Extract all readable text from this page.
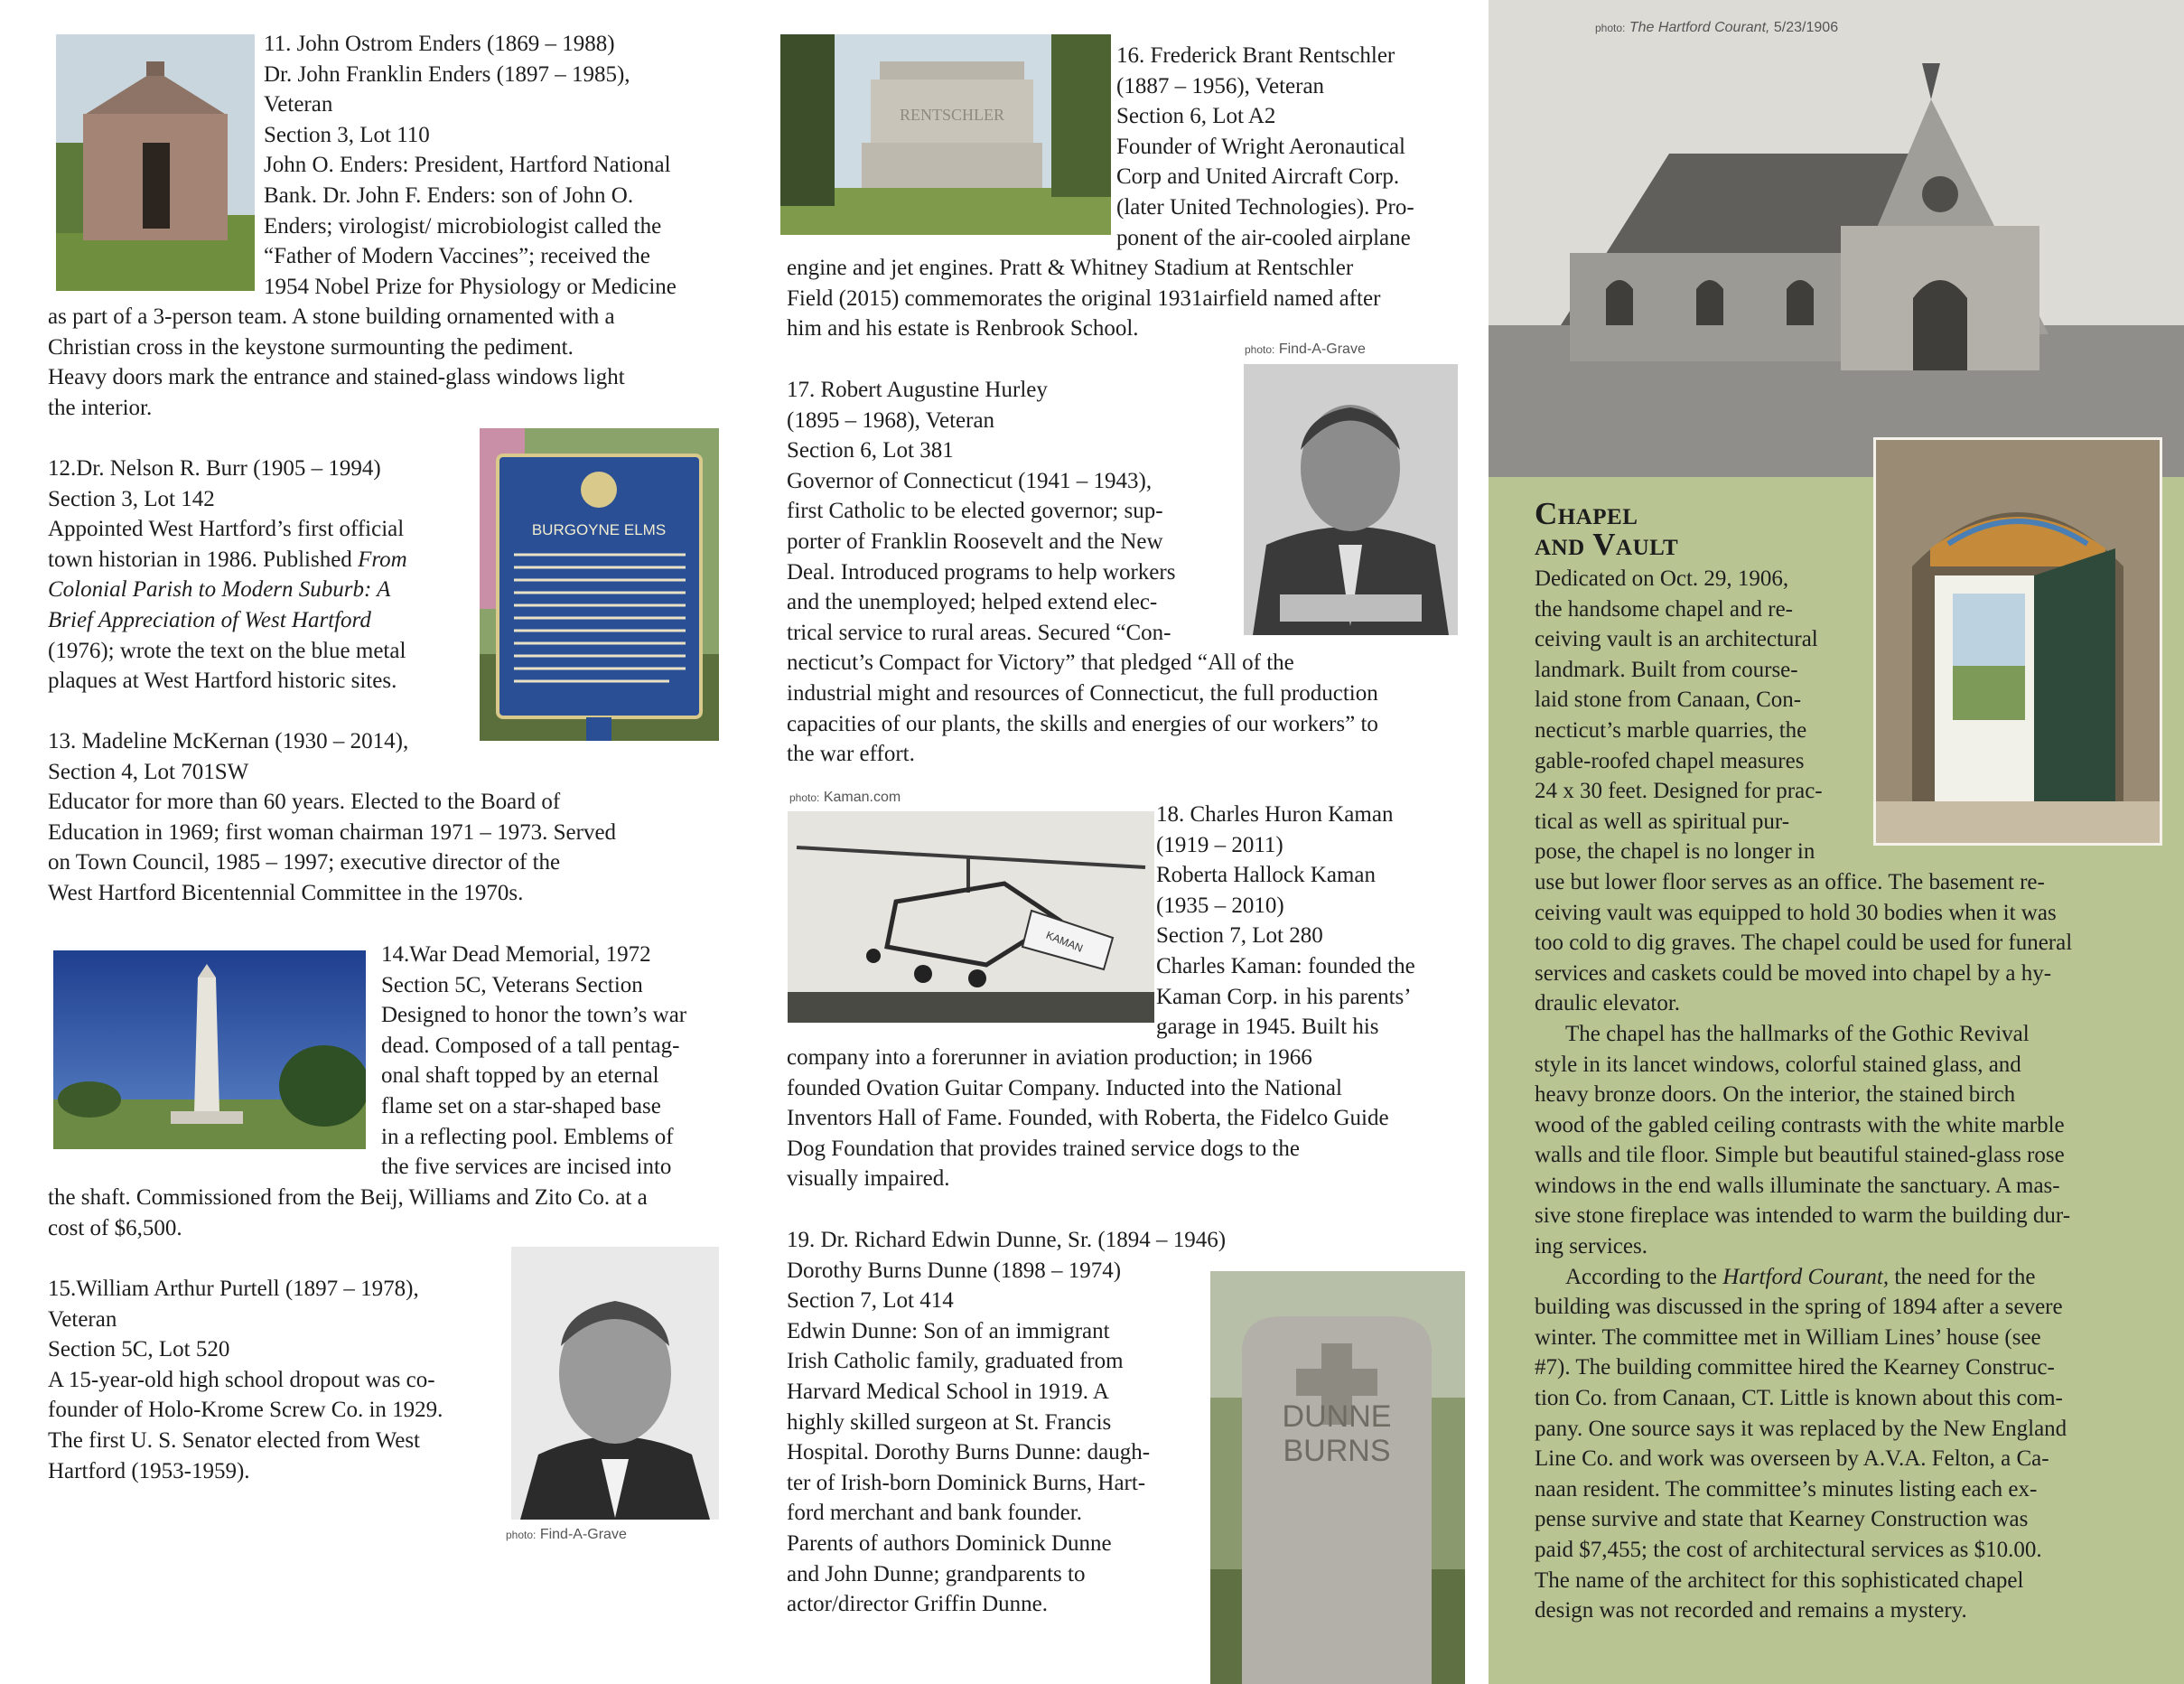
11. John Ostrom Enders (1869 – 1988)

Dr. John Franklin Enders (1897 – 1985),

Veteran

Section 3, Lot 110

John O. Enders: President, Hartford National

Bank. Dr. John F. Enders: son of John O.

Enders; virologist/ microbiologist called the

“Father of Modern Vaccines”; received the

1954 Nobel Prize for Physiology or Medicine

as part of a 3-person team. A stone building ornamented with a

Christian cross in the keystone surmounting the pediment.

Heavy doors mark the entrance and stained-glass windows light

the interior.

BURGOYNE ELMS

12.Dr. Nelson R. Burr (1905 – 1994)

Section 3, Lot 142

Appointed West Hartford’s first official

town historian in 1986. Published From

Colonial Parish to Modern Suburb: A

Brief Appreciation of West Hartford

(1976); wrote the text on the blue metal

plaques at West Hartford historic sites.

13. Madeline McKernan (1930 – 2014),

Section 4, Lot 701SW

Educator for more than 60 years. Elected to the Board of

Education in 1969; first woman chairman 1971 – 1973. Served

on Town Council, 1985 – 1997; executive director of the

West Hartford Bicentennial Committee in the 1970s.

14.War Dead Memorial, 1972

Section 5C, Veterans Section

Designed to honor the town’s war

dead. Composed of a tall pentag-

onal shaft topped by an eternal

flame set on a star-shaped base

in a reflecting pool. Emblems of

the five services are incised into

the shaft. Commissioned from the Beij, Williams and Zito Co. at a

cost of $6,500.

15.William Arthur Purtell (1897 – 1978),

Veteran

Section 5C, Lot 520

A 15-year-old high school dropout was co-

founder of Holo-Krome Screw Co. in 1929.

The first U. S. Senator elected from West

Hartford (1953-1959).

photo: Find-A-Grave
RENTSCHLER

16. Frederick Brant Rentschler

(1887 – 1956), Veteran

Section 6, Lot A2

Founder of Wright Aeronautical

Corp and United Aircraft Corp.

(later United Technologies). Pro-

ponent of the air-cooled airplane

engine and jet engines. Pratt & Whitney Stadium at Rentschler

Field (2015) commemorates the original 1931airfield named after

him and his estate is Renbrook School.

photo: Find-A-Grave

17. Robert Augustine Hurley

(1895 – 1968), Veteran

Section 6, Lot 381

Governor of Connecticut (1941 – 1943),

first Catholic to be elected governor; sup-

porter of Franklin Roosevelt and the New

Deal. Introduced programs to help workers

and the unemployed; helped extend elec-

trical service to rural areas. Secured “Con-

necticut’s Compact for Victory” that pledged “All of the

industrial might and resources of Connecticut, the full production

capacities of our plants, the skills and energies of our workers” to

the war effort.

photo: Kaman.com
KAMAN

18. Charles Huron Kaman

(1919 – 2011)

Roberta Hallock Kaman

(1935 – 2010)

Section 7, Lot 280

Charles Kaman: founded the

Kaman Corp. in his parents’

garage in 1945. Built his

company into a forerunner in aviation production; in 1966

founded Ovation Guitar Company. Inducted into the National

Inventors Hall of Fame. Founded, with Roberta, the Fidelco Guide

Dog Foundation that provides trained service dogs to the

visually impaired.

19. Dr. Richard Edwin Dunne, Sr. (1894 – 1946)

Dorothy Burns Dunne (1898 – 1974)

Section 7, Lot 414

Edwin Dunne: Son of an immigrant

Irish Catholic family, graduated from

Harvard Medical School in 1919. A

highly skilled surgeon at St. Francis

Hospital. Dorothy Burns Dunne: daugh-

ter of Irish-born Dominick Burns, Hart-

ford merchant and bank founder.

Parents of authors Dominick Dunne

and John Dunne; grandparents to

actor/director Griffin Dunne.

DUNNE
BURNS
photo: The Hartford Courant, 5/23/1906
Chapel
and Vault

Dedicated on Oct. 29, 1906,

the handsome chapel and re-

ceiving vault is an architectural

landmark. Built from course-

laid stone from Canaan, Con-

necticut’s marble quarries, the

gable-roofed chapel measures

24 x 30 feet. Designed for prac-

tical as well as spiritual pur-

pose, the chapel is no longer in

use but lower floor serves as an office. The basement re-

ceiving vault was equipped to hold 30 bodies when it was

too cold to dig graves. The chapel could be used for funeral

services and caskets could be moved into chapel by a hy-

draulic elevator.

The chapel has the hallmarks of the Gothic Revival

style in its lancet windows, colorful stained glass, and

heavy bronze doors. On the interior, the stained birch

wood of the gabled ceiling contrasts with the white marble

walls and tile floor. Simple but beautiful stained-glass rose

windows in the end walls illuminate the sanctuary. A mas-

sive stone fireplace was intended to warm the building dur-

ing services.

According to the Hartford Courant, the need for the

building was discussed in the spring of 1894 after a severe

winter. The committee met in William Lines’ house (see

#7). The building committee hired the Kearney Construc-

tion Co. from Canaan, CT. Little is known about this com-

pany. One source says it was replaced by the New England

Line Co. and work was overseen by A.V.A. Felton, a Ca-

naan resident. The committee’s minutes listing each ex-

pense survive and state that Kearney Construction was

paid $7,455; the cost of architectural services as $10.00.

The name of the architect for this sophisticated chapel

design was not recorded and remains a mystery.
